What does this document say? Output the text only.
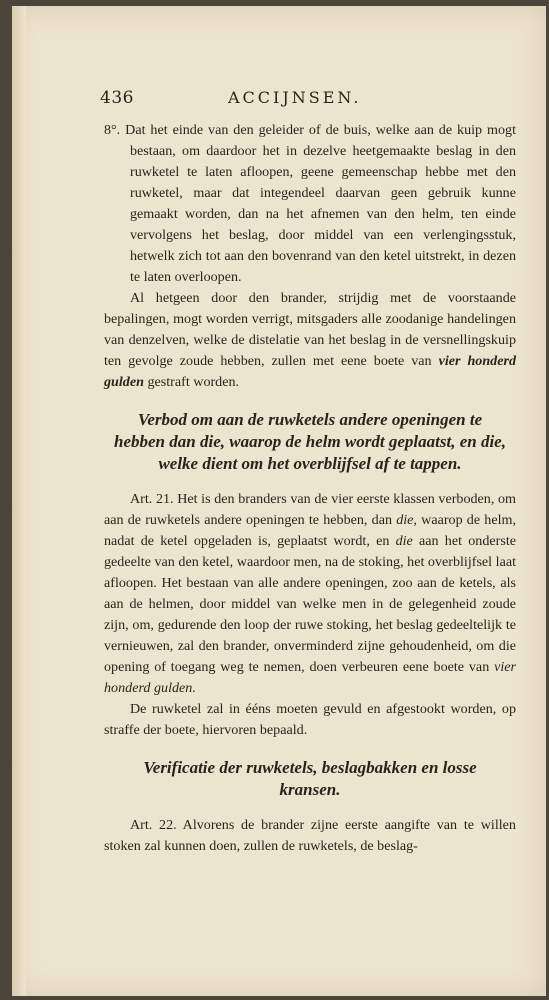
436	ACCIJNSEN.

8°. Dat het einde van den geleider of de buis, welke aan de kuip mogt bestaan, om daardoor het in dezelve heetgemaakte beslag in den ruwketel te laten afloopen, geene gemeenschap hebbe met den ruwketel, maar dat integendeel daarvan geen gebruik kunne gemaakt worden, dan na het afnemen van den helm, ten einde vervolgens het beslag, door middel van een verlengingsstuk, hetwelk zich tot aan den bovenrand van den ketel uitstrekt, in dezen te laten overloopen.

Al hetgeen door den brander, strijdig met de voorstaande bepalingen, mogt worden verrigt, mitsgaders alle zoodanige handelingen van denzelven, welke de distelatie van het beslag in de versnellingskuip ten gevolge zoude hebben, zullen met eene boete van vier honderd gulden gestraft worden.

Verbod om aan de ruwketels andere openingen te hebben dan die, waarop de helm wordt geplaatst, en die, welke dient om het overblijfsel af te tappen.

Art. 21. Het is den branders van de vier eerste klassen verboden, om aan de ruwketels andere openingen te hebben, dan die, waarop de helm, nadat de ketel opgeladen is, geplaatst wordt, en die aan het onderste gedeelte van den ketel, waardoor men, na de stoking, het overblijfsel laat afloopen. Het bestaan van alle andere openingen, zoo aan de ketels, als aan de helmen, door middel van welke men in de gelegenheid zoude zijn, om, gedurende den loop der ruwe stoking, het beslag gedeeltelijk te vernieuwen, zal den brander, onverminderd zijne gehoudenheid, om die opening of toegang weg te nemen, doen verbeuren eene boete van vier honderd gulden.

De ruwketel zal in ééns moeten gevuld en afgestookt worden, op straffe der boete, hiervoren bepaald.

Verificatie der ruwketels, beslagbakken en losse kransen.

Art. 22. Alvorens de brander zijne eerste aangifte van te willen stoken zal kunnen doen, zullen de ruwketels, de beslag-
